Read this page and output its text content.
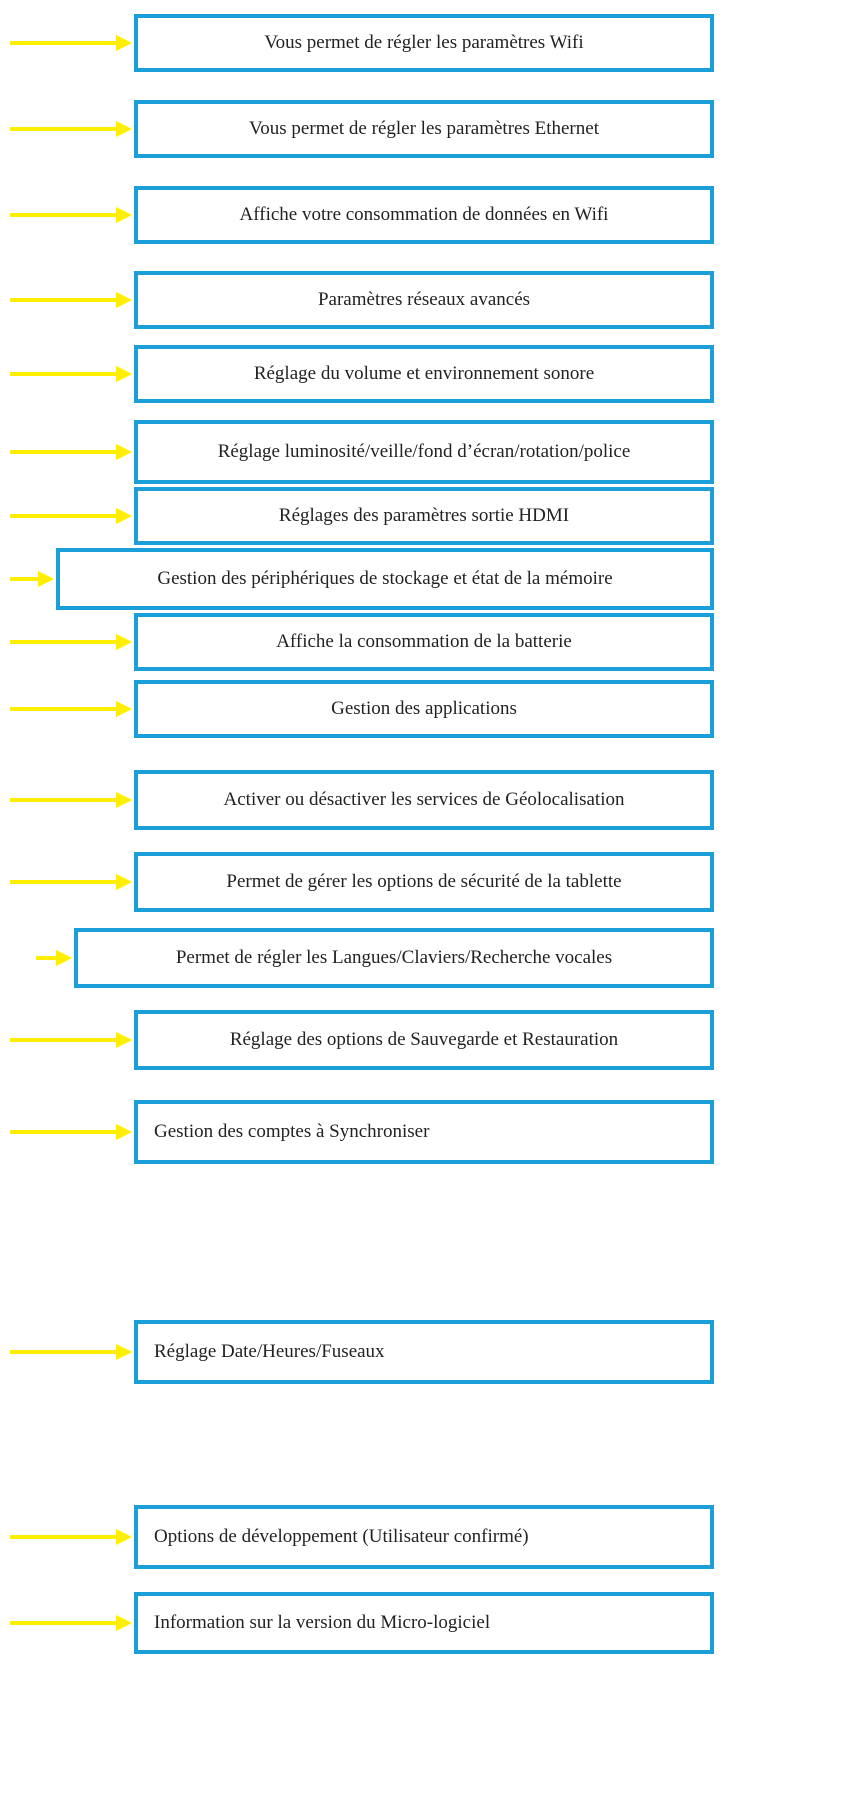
Vous permet de régler les paramètres Wifi
Vous permet de régler les paramètres Ethernet
Affiche votre consommation de données en Wifi
Paramètres réseaux avancés
Réglage du volume et environnement sonore
Réglage luminosité/veille/fond d’écran/rotation/police
Réglages des paramètres sortie HDMI
Gestion des périphériques de stockage et état de la mémoire
Affiche la consommation de la batterie
Gestion des applications
Activer ou désactiver les services de Géolocalisation
Permet de gérer les options de sécurité de la tablette
Permet de régler les Langues/Claviers/Recherche vocales
Réglage des options de Sauvegarde et Restauration
Gestion des comptes à Synchroniser
Réglage Date/Heures/Fuseaux
Options de développement (Utilisateur confirmé)
Information sur la version du Micro-logiciel
